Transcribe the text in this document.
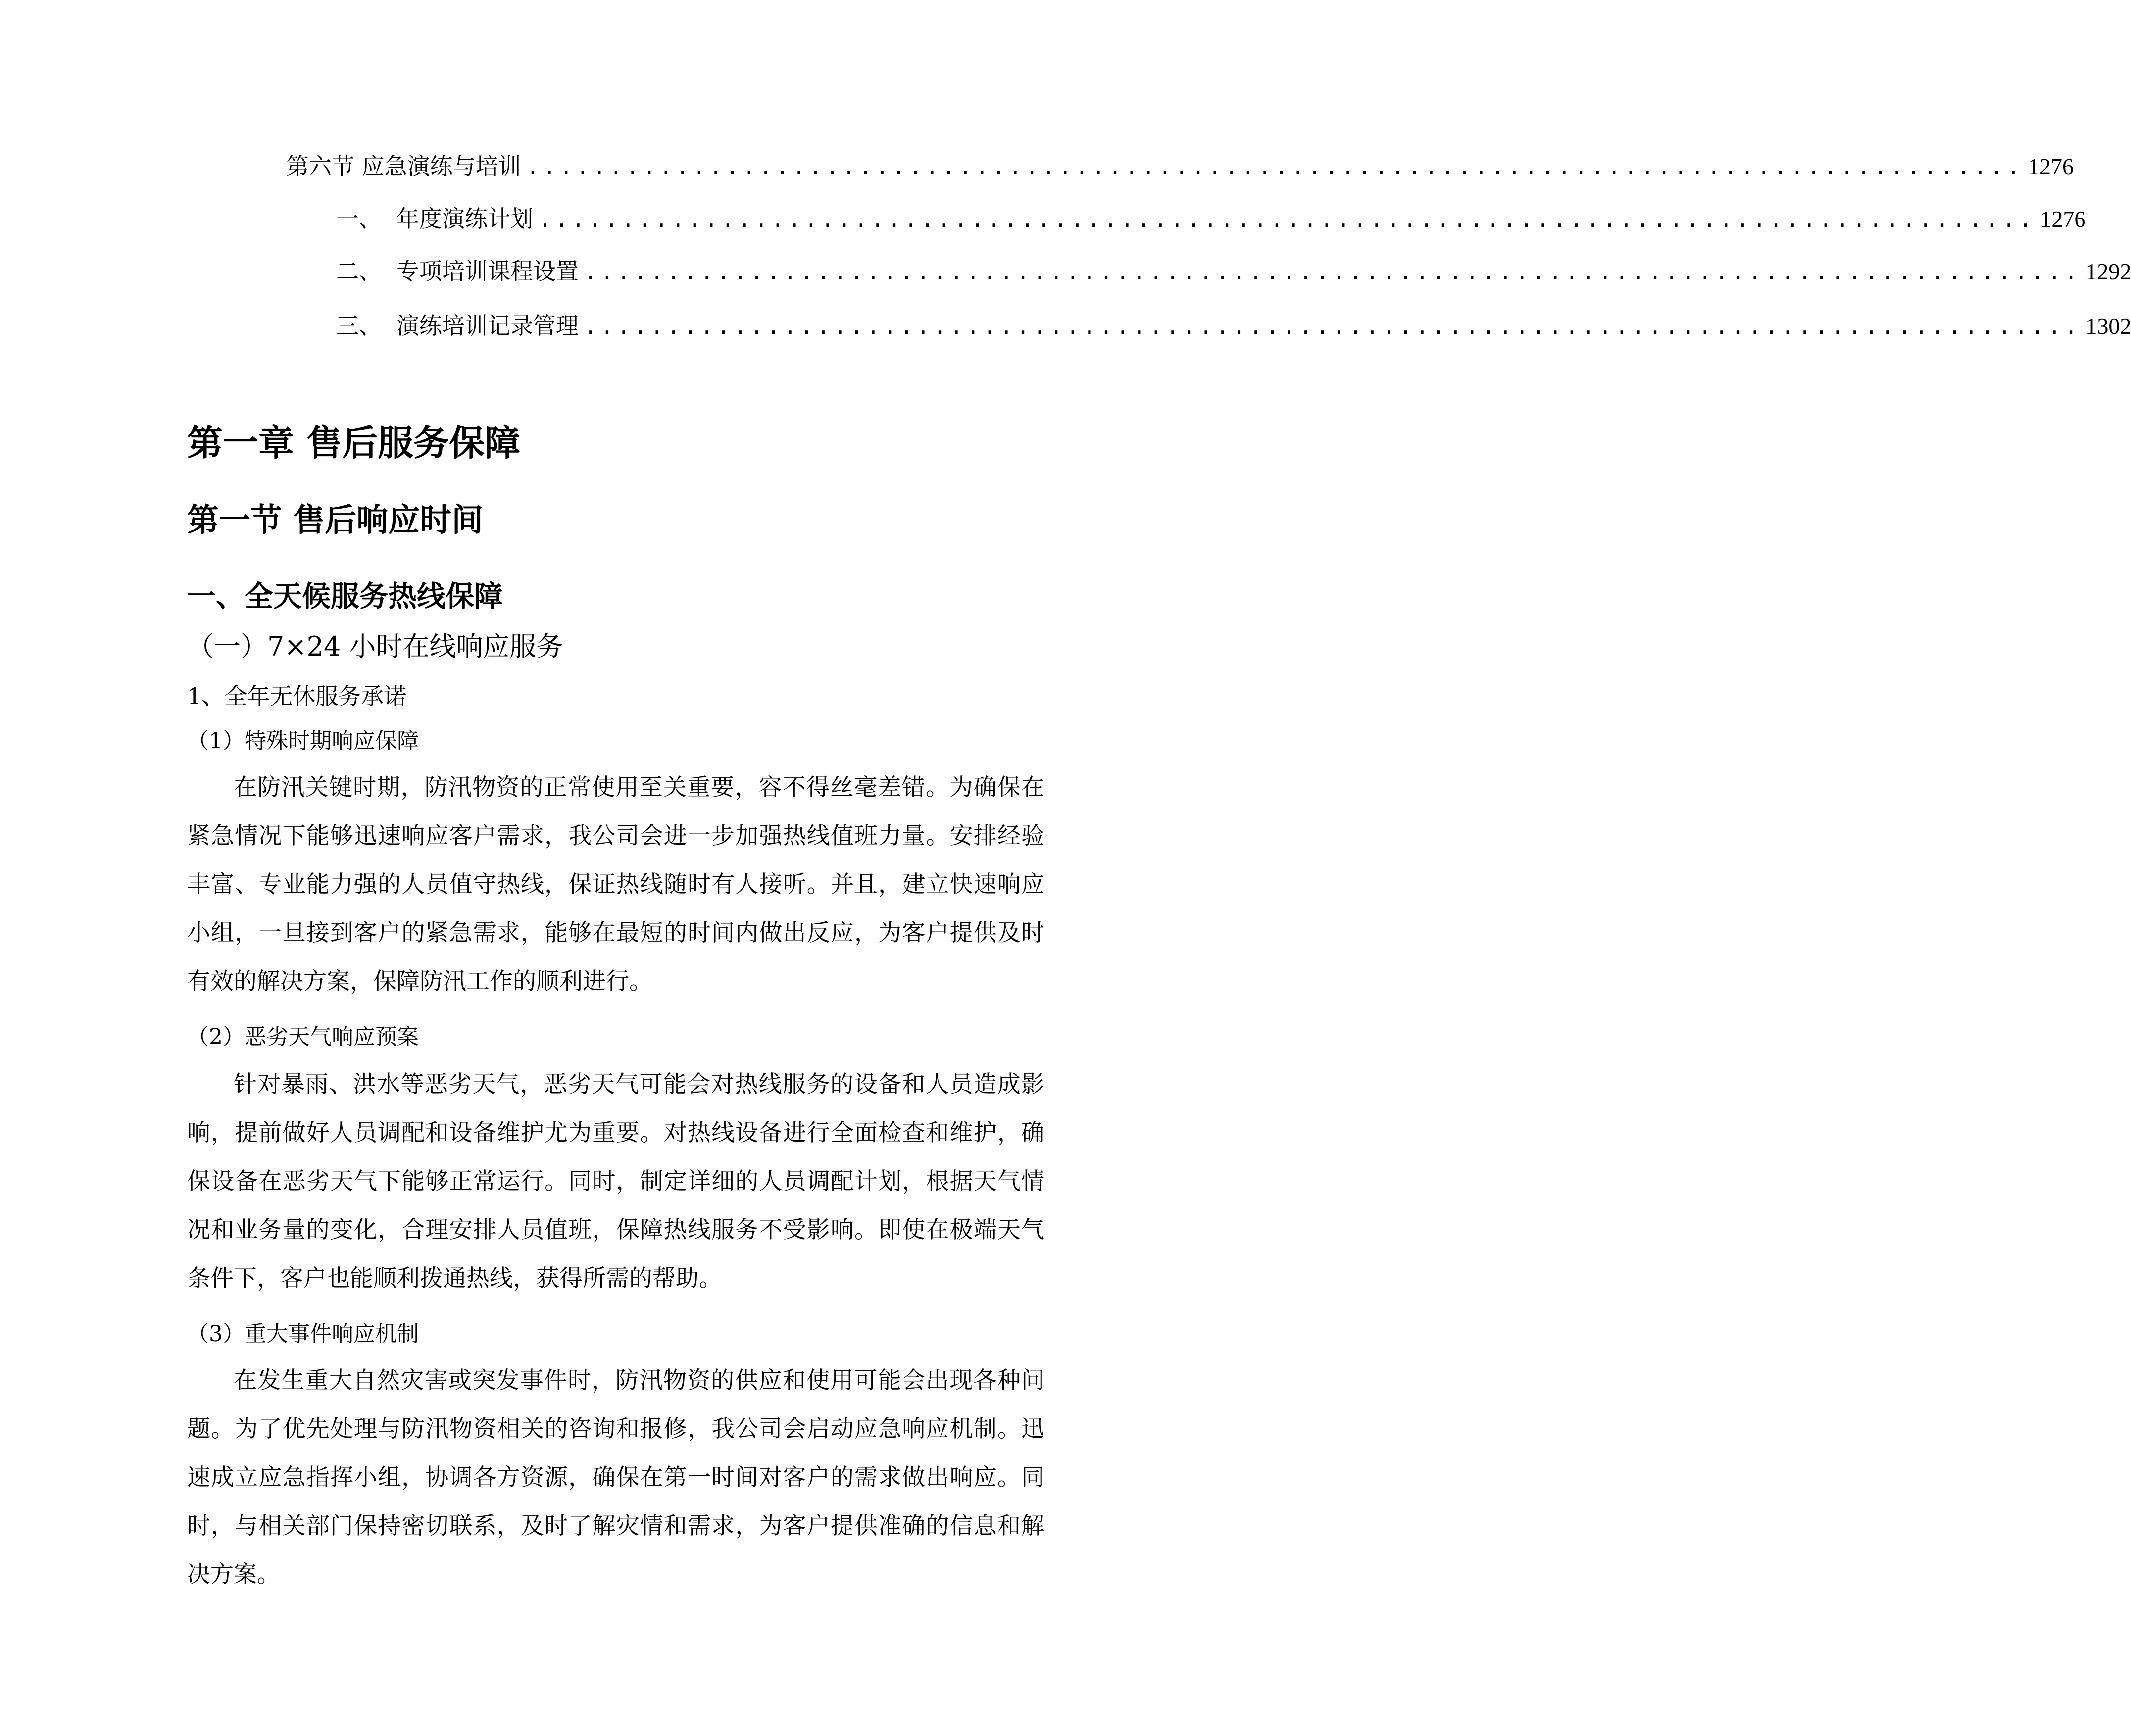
第六节 应急演练与培训 .......................................................................................... 1276
一、 年度演练计划 .......................................................................................... 1276
二、 专项培训课程设置 .......................................................................................... 1292
三、 演练培训记录管理 .......................................................................................... 1302
第一章 售后服务保障
第一节 售后响应时间
一、全天候服务热线保障
（一）7×24 小时在线响应服务
1、全年无休服务承诺
（1）特殊时期响应保障

在防汛关键时期，防汛物资的正常使用至关重要，容不得丝毫差错。为确保在紧急情况下能够迅速响应客户需求，我公司会进一步加强热线值班力量。安排经验丰富、专业能力强的人员值守热线，保证热线随时有人接听。并且，建立快速响应小组，一旦接到客户的紧急需求，能够在最短的时间内做出反应，为客户提供及时有效的解决方案，保障防汛工作的顺利进行。

（2）恶劣天气响应预案

针对暴雨、洪水等恶劣天气，恶劣天气可能会对热线服务的设备和人员造成影响，提前做好人员调配和设备维护尤为重要。对热线设备进行全面检查和维护，确保设备在恶劣天气下能够正常运行。同时，制定详细的人员调配计划，根据天气情况和业务量的变化，合理安排人员值班，保障热线服务不受影响。即使在极端天气条件下，客户也能顺利拨通热线，获得所需的帮助。

（3）重大事件响应机制

在发生重大自然灾害或突发事件时，防汛物资的供应和使用可能会出现各种问题。为了优先处理与防汛物资相关的咨询和报修，我公司会启动应急响应机制。迅速成立应急指挥小组，协调各方资源，确保在第一时间对客户的需求做出响应。同时，与相关部门保持密切联系，及时了解灾情和需求，为客户提供准确的信息和解决方案。
